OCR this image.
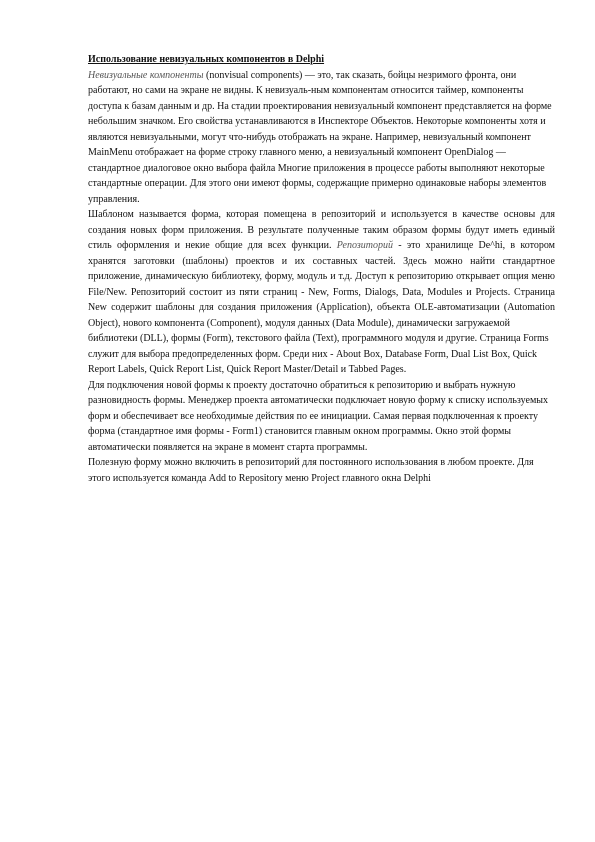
Использование невизуальных компонентов в Delphi

Невизуальные компоненты (nonvisual components) — это, так сказать, бойцы незримого фронта, они работают, но сами на экране не видны. К невизуаль-ным компонентам относится таймер, компоненты доступа к базам данным и др. На стадии проектирования невизуальный компонент представляется на форме небольшим значком. Его свойства устанавливаются в Инспекторе Объектов. Некоторые компоненты хотя и являются невизуальными, могут что-нибудь отображать на экране. Например, невизуальный компонент MainMenu отображает на форме строку главного меню, а невизуальный компонент OpenDialog — стандартное диалоговое окно выбора файла Многие приложения в процессе работы выполняют некоторые стандартные операции. Для этого они имеют формы, содержащие примерно одинаковые наборы элементов управления.

Шаблоном называется форма, которая помещена в репозиторий и используется в качестве основы для создания новых форм приложения. В результате полученные таким образом формы будут иметь единый стиль оформления и некие общие для всех функции. Репозиторий - это хранилище De^hi, в котором хранятся заготовки (шаблоны) проектов и их составных частей. Здесь можно найти стандартное приложение, динамическую библиотеку, форму, модуль и т.д. Доступ к репозиторию открывает опция меню File/New. Репозиторий состоит из пяти страниц - New, Forms, Dialogs, Data, Modules и Projects. Страница New содержит шаблоны для создания приложения (Application), объекта OLE-автоматизации (Automation Object), нового компонента (Component), модуля данных (Data Module), динамически загружаемой

библиотеки (DLL), формы (Form), текстового файла (Text), программного модуля и другие. Страница Forms служит для выбора предопределенных форм. Среди них - About Box, Database Form, Dual List Box, Quick Report Labels, Quick Report List, Quick Report Master/Detail и Tabbed Pages.

Для подключения новой формы к проекту достаточно обратиться к репозиторию и выбрать нужную разновидность формы. Менеджер проекта автоматически подключает новую форму к списку используемых форм и обеспечивает все необходимые действия по ее инициации. Самая первая подключенная к проекту форма (стандартное имя формы - Form1) становится главным окном программы. Окно этой формы автоматически появляется на экране в момент старта программы.

Полезную форму можно включить в репозиторий для постоянного использования в любом проекте. Для этого используется команда Add to Repository меню Project главного окна Delphi
